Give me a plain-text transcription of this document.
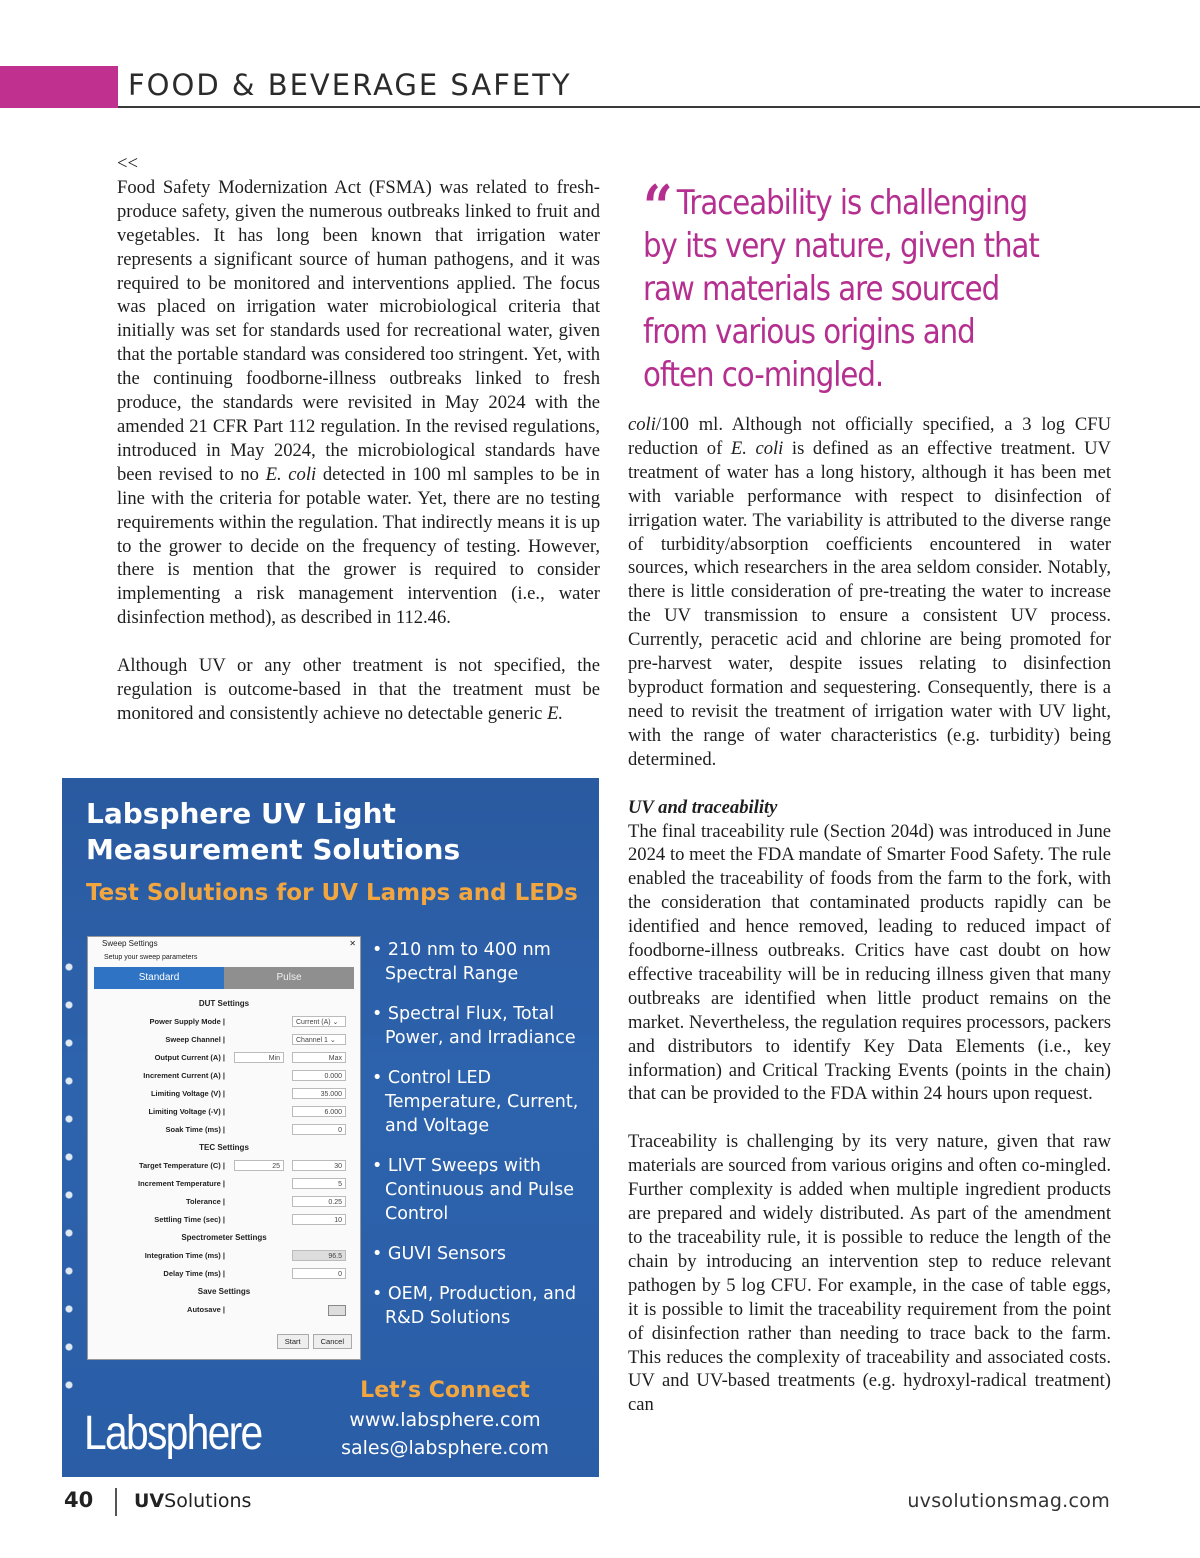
FOOD & BEVERAGE SAFETY

<<

Food Safety Modernization Act (FSMA) was related to fresh-produce safety, given the numerous outbreaks linked to fruit and vegetables. It has long been known that irrigation water represents a significant source of human pathogens, and it was required to be monitored and interventions applied. The focus was placed on irrigation water microbiological criteria that initially was set for standards used for recreational water, given that the portable standard was considered too stringent. Yet, with the continuing foodborne-illness outbreaks linked to fresh produce, the standards were revisited in May 2024 with the amended 21 CFR Part 112 regulation. In the revised regulations, introduced in May 2024, the microbiological standards have been revised to no E. coli detected in 100 ml samples to be in line with the criteria for potable water. Yet, there are no testing requirements within the regulation. That indirectly means it is up to the grower to decide on the frequency of testing. However, there is mention that the grower is required to consider implementing a risk management intervention (i.e., water disinfection method), as described in 112.46.

Although UV or any other treatment is not specified, the regulation is outcome-based in that the treatment must be monitored and consistently achieve no detectable generic E.

“ Traceability is challenging by its very nature, given that raw materials are sourced from various origins and often co-mingled.

coli/100 ml. Although not officially specified, a 3 log CFU reduction of E. coli is defined as an effective treatment. UV treatment of water has a long history, although it has been met with variable performance with respect to disinfection of irrigation water. The variability is attributed to the diverse range of turbidity/absorption coefficients encountered in water sources, which researchers in the area seldom consider. Notably, there is little consideration of pre-treating the water to increase the UV transmission to ensure a consistent UV process. Currently, peracetic acid and chlorine are being promoted for pre-harvest water, despite issues relating to disinfection byproduct formation and sequestering. Consequently, there is a need to revisit the treatment of irrigation water with UV light, with the range of water characteristics (e.g. turbidity) being determined.

UV and traceability

The final traceability rule (Section 204d) was introduced in June 2024 to meet the FDA mandate of Smarter Food Safety. The rule enabled the traceability of foods from the farm to the fork, with the consideration that contaminated products rapidly can be identified and hence removed, leading to reduced impact of foodborne-illness outbreaks. Critics have cast doubt on how effective traceability will be in reducing illness given that many outbreaks are identified when little product remains on the market. Nevertheless, the regulation requires processors, packers and distributors to identify Key Data Elements (i.e., key information) and Critical Tracking Events (points in the chain) that can be provided to the FDA within 24 hours upon request.

Traceability is challenging by its very nature, given that raw materials are sourced from various origins and often co-mingled. Further complexity is added when multiple ingredient products are prepared and widely distributed. As part of the amendment to the traceability rule, it is possible to reduce the length of the chain by introducing an intervention step to reduce relevant pathogen by 5 log CFU. For example, in the case of table eggs, it is possible to limit the traceability requirement from the point of disinfection rather than needing to trace back to the farm. This reduces the complexity of traceability and associated costs. UV and UV-based treatments (e.g. hydroxyl-radical treatment) can

Labsphere UV Light
Measurement Solutions
Test Solutions for UV Lamps and LEDs
Sweep Settings	✕
Setup your sweep parameters
Standard	Pulse
DUT Settings
Power Supply Mode |	Current (A) ⌄
Sweep Channel |	Channel 1 ⌄
Output Current (A) |	Min	Max
Increment Current (A) |	0.000
Limiting Voltage (V) |	35.000
Limiting Voltage (-V) |	6.000
Soak Time (ms) |	0
TEC Settings
Target Temperature (C) |	25	30
Increment Temperature |	5
Tolerance |	0.25
Settling Time (sec) |	10
Spectrometer Settings
Integration Time (ms) |	96.5
Delay Time (ms) |	0
Save Settings
Autosave |
Start	Cancel
• 210 nm to 400 nm Spectral Range
• Spectral Flux, Total Power, and Irradiance
• Control LED Temperature, Current, and Voltage
• LIVT Sweeps with Continuous and Pulse Control
• GUVI Sensors
• OEM, Production, and R&D Solutions
Labsphere
Let’s Connect
www.labsphere.com
sales@labsphere.com
40 UVSolutions	uvsolutionsmag.com
